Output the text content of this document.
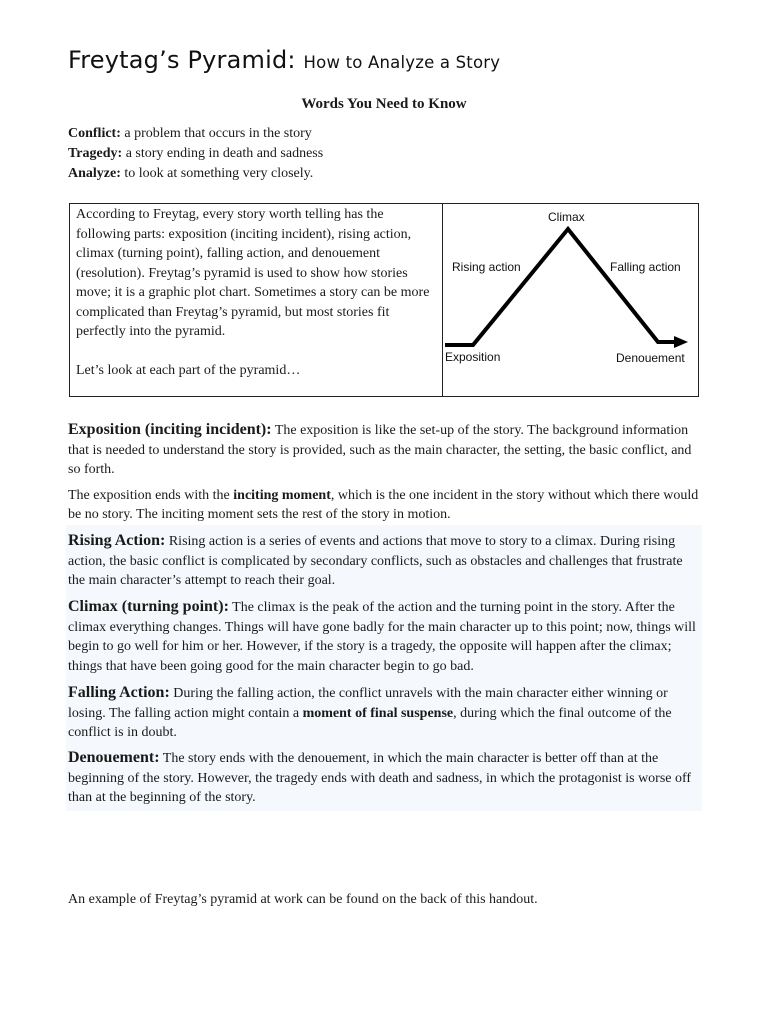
Freytag’s Pyramid: How to Analyze a Story
Words You Need to Know
Conflict: a problem that occurs in the story
Tragedy: a story ending in death and sadness
Analyze: to look at something very closely.

According to Freytag, every story worth telling has the following parts: exposition (inciting incident), rising action, climax (turning point), falling action, and denouement (resolution). Freytag’s pyramid is used to show how stories move; it is a graphic plot chart. Sometimes a story can be more complicated than Freytag’s pyramid, but most stories fit perfectly into the pyramid.

Let’s look at each part of the pyramid…

Climax
Rising action	Falling action
Exposition	Denouement

Exposition (inciting incident): The exposition is like the set-up of the story. The background information that is needed to understand the story is provided, such as the main character, the setting, the basic conflict, and so forth.

The exposition ends with the inciting moment, which is the one incident in the story without which there would be no story. The inciting moment sets the rest of the story in motion.

Rising Action: Rising action is a series of events and actions that move to story to a climax. During rising action, the basic conflict is complicated by secondary conflicts, such as obstacles and challenges that frustrate the main character’s attempt to reach their goal.

Climax (turning point): The climax is the peak of the action and the turning point in the story. After the climax everything changes. Things will have gone badly for the main character up to this point; now, things will begin to go well for him or her. However, if the story is a tragedy, the opposite will happen after the climax; things that have been going good for the main character begin to go bad.

Falling Action: During the falling action, the conflict unravels with the main character either winning or losing. The falling action might contain a moment of final suspense, during which the final outcome of the conflict is in doubt.

Denouement: The story ends with the denouement, in which the main character is better off than at the beginning of the story. However, the tragedy ends with death and sadness, in which the protagonist is worse off than at the beginning of the story.

An example of Freytag’s pyramid at work can be found on the back of this handout.
